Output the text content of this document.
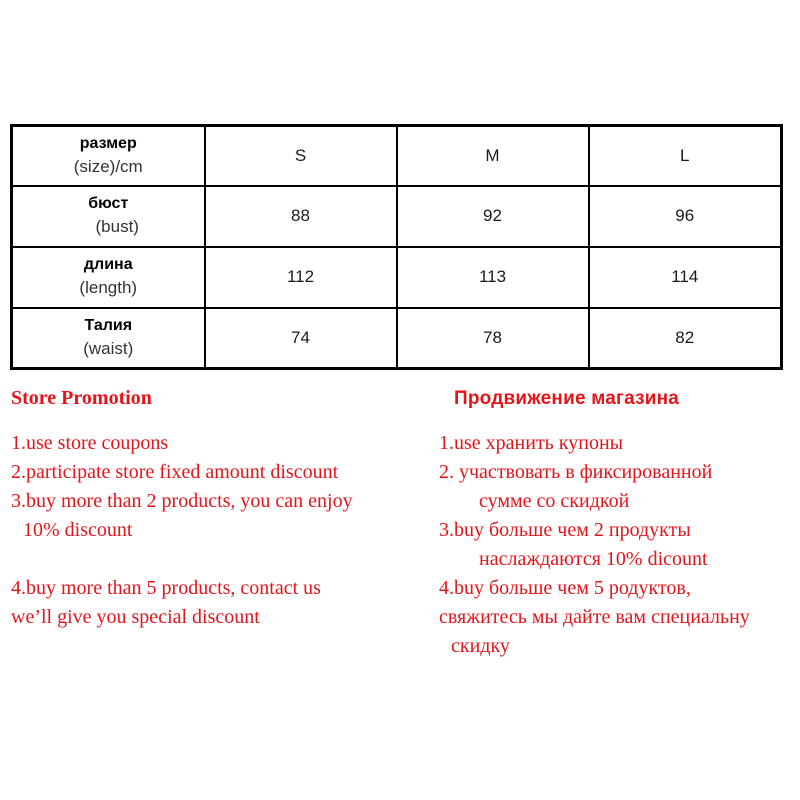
размер
(size)/cm	S	M	L

бюст
(bust)	88	92	96

длина
(length)	112	113	114

Талия
(waist)	74	78	82
Store Promotion
1.use store coupons
2.participate store fixed amount discount
3.buy more than 2 products, you can enjoy
10% discount
4.buy more than 5 products, contact us
we’ll give you special discount
Продвижение магазина
1.use хранить купоны
2. участвовать в фиксированной
сумме со скидкой
3.buy больше чем 2 продукты
наслаждаются 10% dicount
4.buy больше чем 5 родуктов,
свяжитесь мы дайте вам специальну
скидку
